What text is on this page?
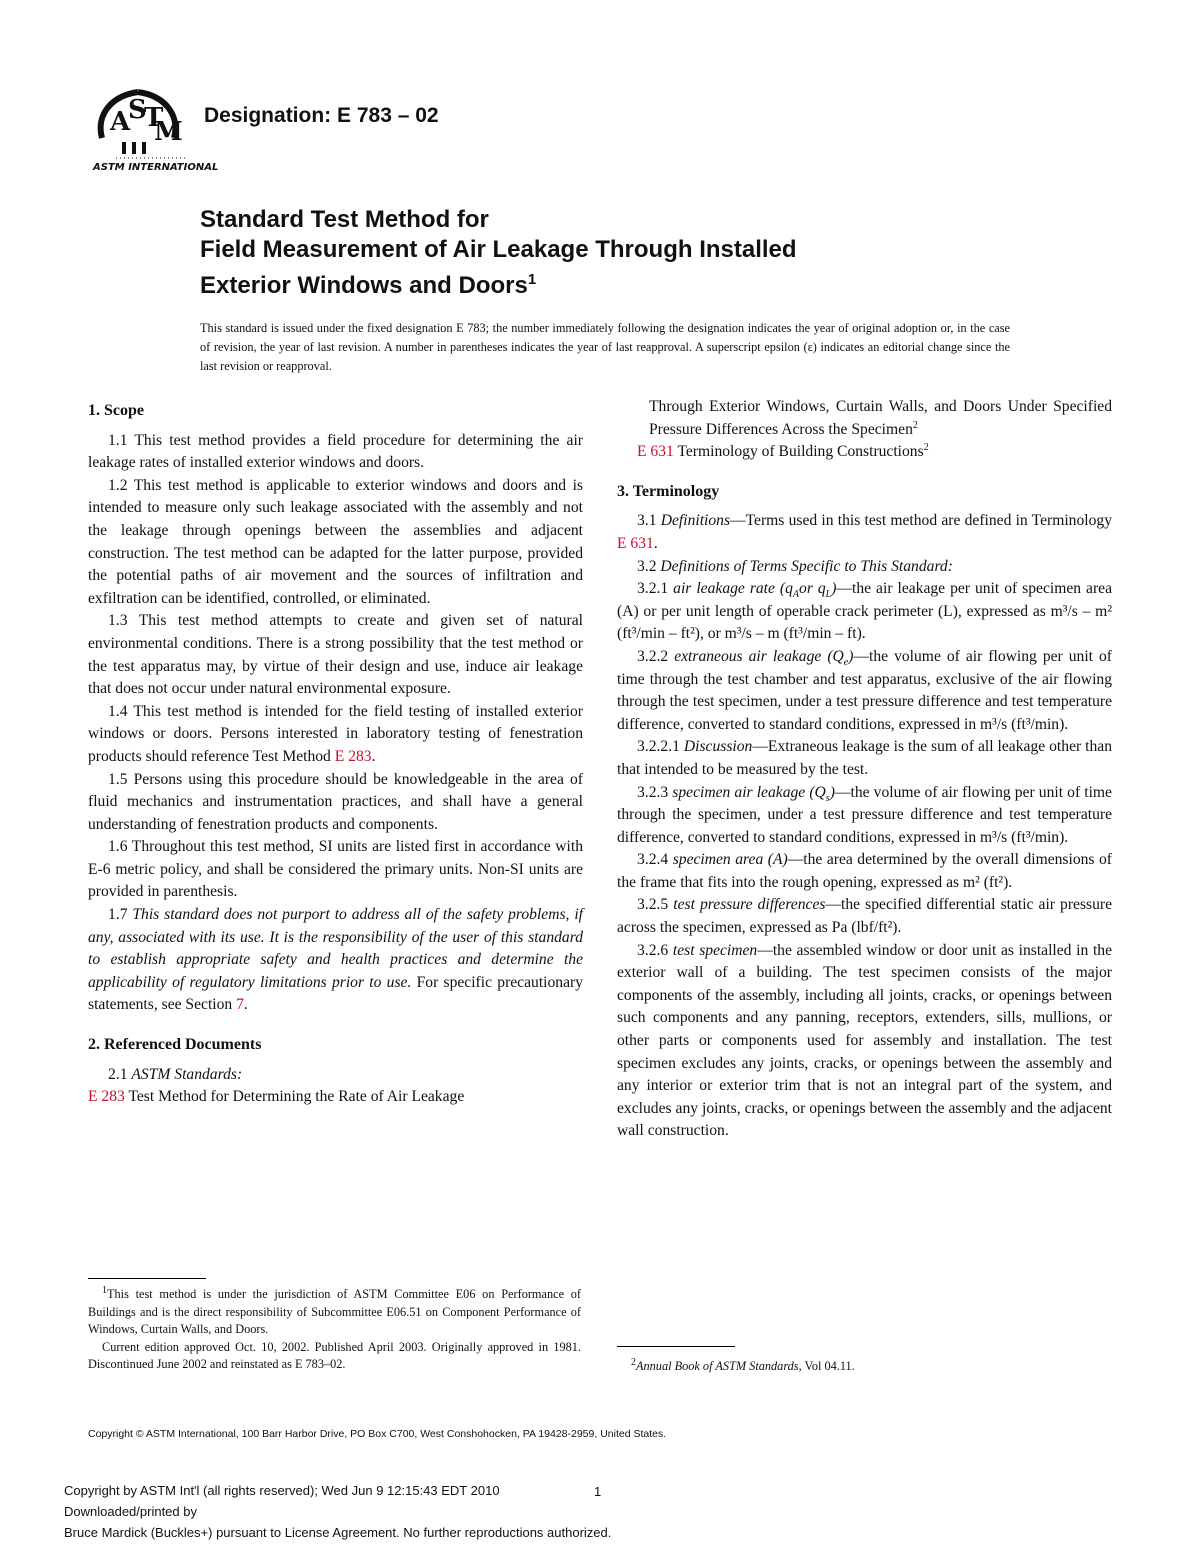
A
S
T
M
ASTM INTERNATIONAL
Designation: E 783 – 02
Standard Test Method for
Field Measurement of Air Leakage Through Installed
Exterior Windows and Doors$^1$
This standard is issued under the fixed designation E 783; the number immediately following the designation indicates the year of original adoption or, in the case of revision, the year of last revision. A number in parentheses indicates the year of last reapproval. A superscript epsilon (ε) indicates an editorial change since the last revision or reapproval.
1. Scope

1.1 This test method provides a field procedure for determining the air leakage rates of installed exterior windows and doors.

1.2 This test method is applicable to exterior windows and doors and is intended to measure only such leakage associated with the assembly and not the leakage through openings between the assemblies and adjacent construction. The test method can be adapted for the latter purpose, provided the potential paths of air movement and the sources of infiltration and exfiltration can be identified, controlled, or eliminated.

1.3 This test method attempts to create and given set of natural environmental conditions. There is a strong possibility that the test method or the test apparatus may, by virtue of their design and use, induce air leakage that does not occur under natural environmental exposure.

1.4 This test method is intended for the field testing of installed exterior windows or doors. Persons interested in laboratory testing of fenestration products should reference Test Method E 283.

1.5 Persons using this procedure should be knowledgeable in the area of fluid mechanics and instrumentation practices, and shall have a general understanding of fenestration products and components.

1.6 Throughout this test method, SI units are listed first in accordance with E-6 metric policy, and shall be considered the primary units. Non-SI units are provided in parenthesis.

1.7 This standard does not purport to address all of the safety problems, if any, associated with its use. It is the responsibility of the user of this standard to establish appropriate safety and health practices and determine the applicability of regulatory limitations prior to use. For specific precautionary statements, see Section 7.

2. Referenced Documents

2.1 ASTM Standards:

E 283 Test Method for Determining the Rate of Air Leakage

$^1$This test method is under the jurisdiction of ASTM Committee E06 on Performance of Buildings and is the direct responsibility of Subcommittee E06.51 on Component Performance of Windows, Curtain Walls, and Doors.

Current edition approved Oct. 10, 2002. Published April 2003. Originally approved in 1981. Discontinued June 2002 and reinstated as E 783–02.

Through Exterior Windows, Curtain Walls, and Doors Under Specified Pressure Differences Across the Specimen$^2$

E 631 Terminology of Building Constructions$^2$

3. Terminology

3.1 Definitions—Terms used in this test method are defined in Terminology E 631.

3.2 Definitions of Terms Specific to This Standard:

3.2.1 air leakage rate ($q_Aor$ $q_L)—the$ air leakage per unit of specimen area (A) or per unit length of operable crack perimeter (L), expressed as m³/s – m² (ft³/min – ft²), or m³/s – m (ft³/min – ft).

3.2.2 extraneous air leakage $(Q_e)—the$ volume of air flowing per unit of time through the test chamber and test apparatus, exclusive of the air flowing through the test specimen, under a test pressure difference and test temperature difference, converted to standard conditions, expressed in m³/s (ft³/min).

3.2.2.1 Discussion—Extraneous leakage is the sum of all leakage other than that intended to be measured by the test.

3.2.3 specimen air leakage $(Q_s)—the$ volume of air flowing per unit of time through the specimen, under a test pressure difference and test temperature difference, converted to standard conditions, expressed in m³/s (ft³/min).

3.2.4 specimen area (A)—the area determined by the overall dimensions of the frame that fits into the rough opening, expressed as m² (ft²).

3.2.5 test pressure differences—the specified differential static air pressure across the specimen, expressed as Pa (lbf/ft²).

3.2.6 test specimen—the assembled window or door unit as installed in the exterior wall of a building. The test specimen consists of the major components of the assembly, including all joints, cracks, or openings between such components and any panning, receptors, extenders, sills, mullions, or other parts or components used for assembly and installation. The test specimen excludes any joints, cracks, or openings between the assembly and any interior or exterior trim that is not an integral part of the system, and excludes any joints, cracks, or openings between the assembly and the adjacent wall construction.

$^2$Annual Book of ASTM Standards, Vol 04.11.

Copyright © ASTM International, 100 Barr Harbor Drive, PO Box C700, West Conshohocken, PA 19428-2959, United States.
Copyright by ASTM Int'l (all rights reserved); Wed Jun 9 12:15:43 EDT 2010
Downloaded/printed by
Bruce Mardick (Buckles+) pursuant to License Agreement. No further reproductions authorized.
1
